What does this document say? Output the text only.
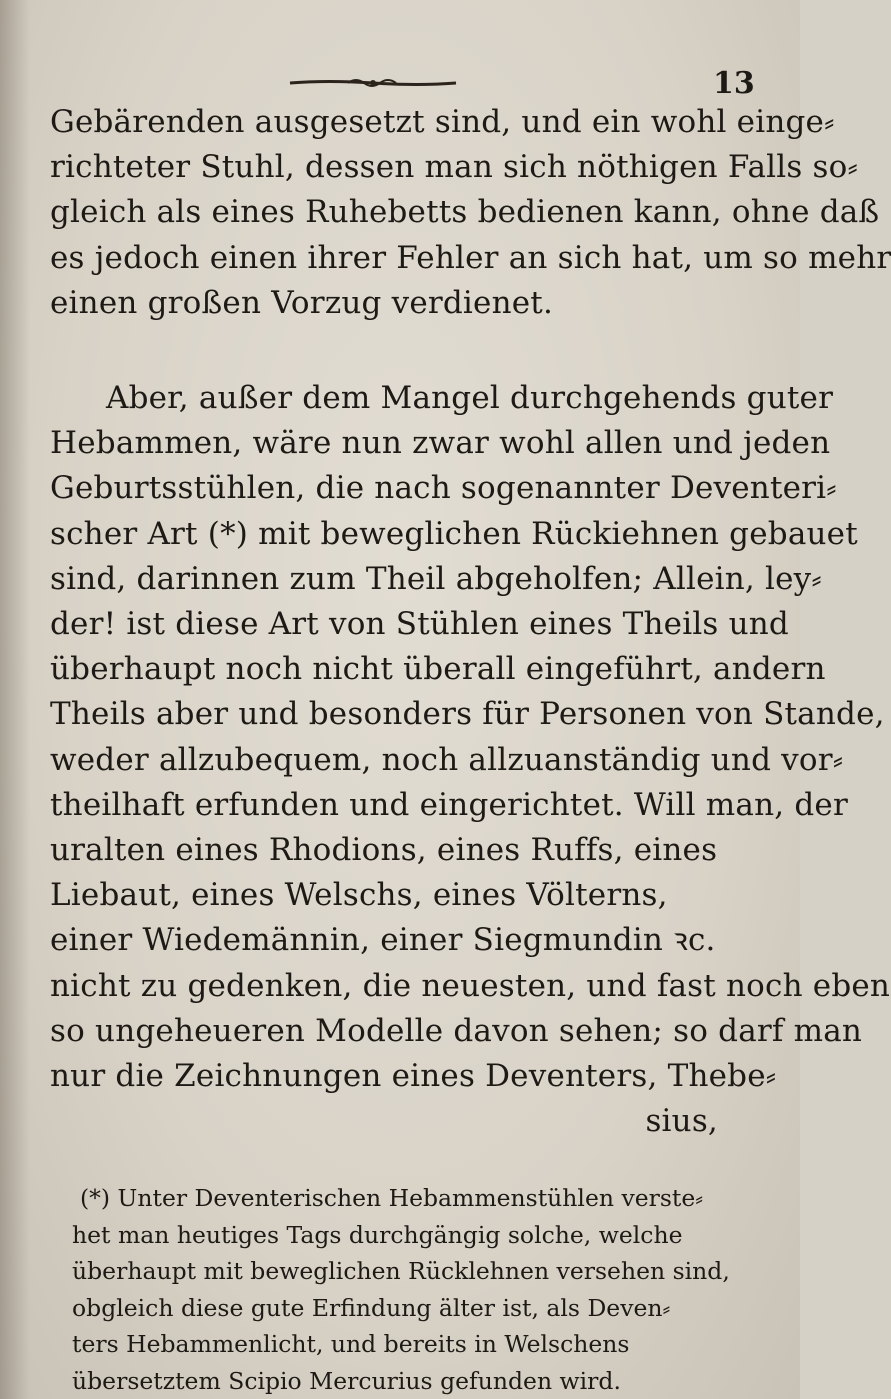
13

Gebärenden ausgesetzt sind, und ein wohl einge⸗
richteter Stuhl, dessen man sich nöthigen Falls so⸗
gleich als eines Ruhebetts bedienen kann, ohne daß
es jedoch einen ihrer Fehler an sich hat, um so mehr
einen großen Vorzug verdienet.

Aber, außer dem Mangel durchgehends guter
Hebammen, wäre nun zwar wohl allen und jeden
Geburtsstühlen, die nach sogenannter Deventeri⸗
scher Art (*) mit beweglichen Rückiehnen gebauet
sind, darinnen zum Theil abgeholfen; Allein, ley⸗
der! ist diese Art von Stühlen eines Theils und
überhaupt noch nicht überall eingeführt, andern
Theils aber und besonders für Personen von Stande,
weder allzubequem, noch allzuanständig und vor⸗
theilhaft erfunden und eingerichtet. Will man, der
uralten eines Rhodions, eines Ruffs, eines
Liebaut, eines Welschs, eines Völterns,
einer Wiedemännin, einer Siegmundin ꝛc.
nicht zu gedenken, die neuesten, und fast noch eben
so ungeheueren Modelle davon sehen; so darf man
nur die Zeichnungen eines Deventers, Thebe⸗
sius,

(*) Unter Deventerischen Hebammenstühlen verste⸗
het man heutiges Tags durchgängig solche, welche
überhaupt mit beweglichen Rücklehnen versehen sind,
obgleich diese gute Erfindung älter ist, als Deven⸗
ters Hebammenlicht, und bereits in Welschens
übersetztem Scipio Mercurius gefunden wird.
